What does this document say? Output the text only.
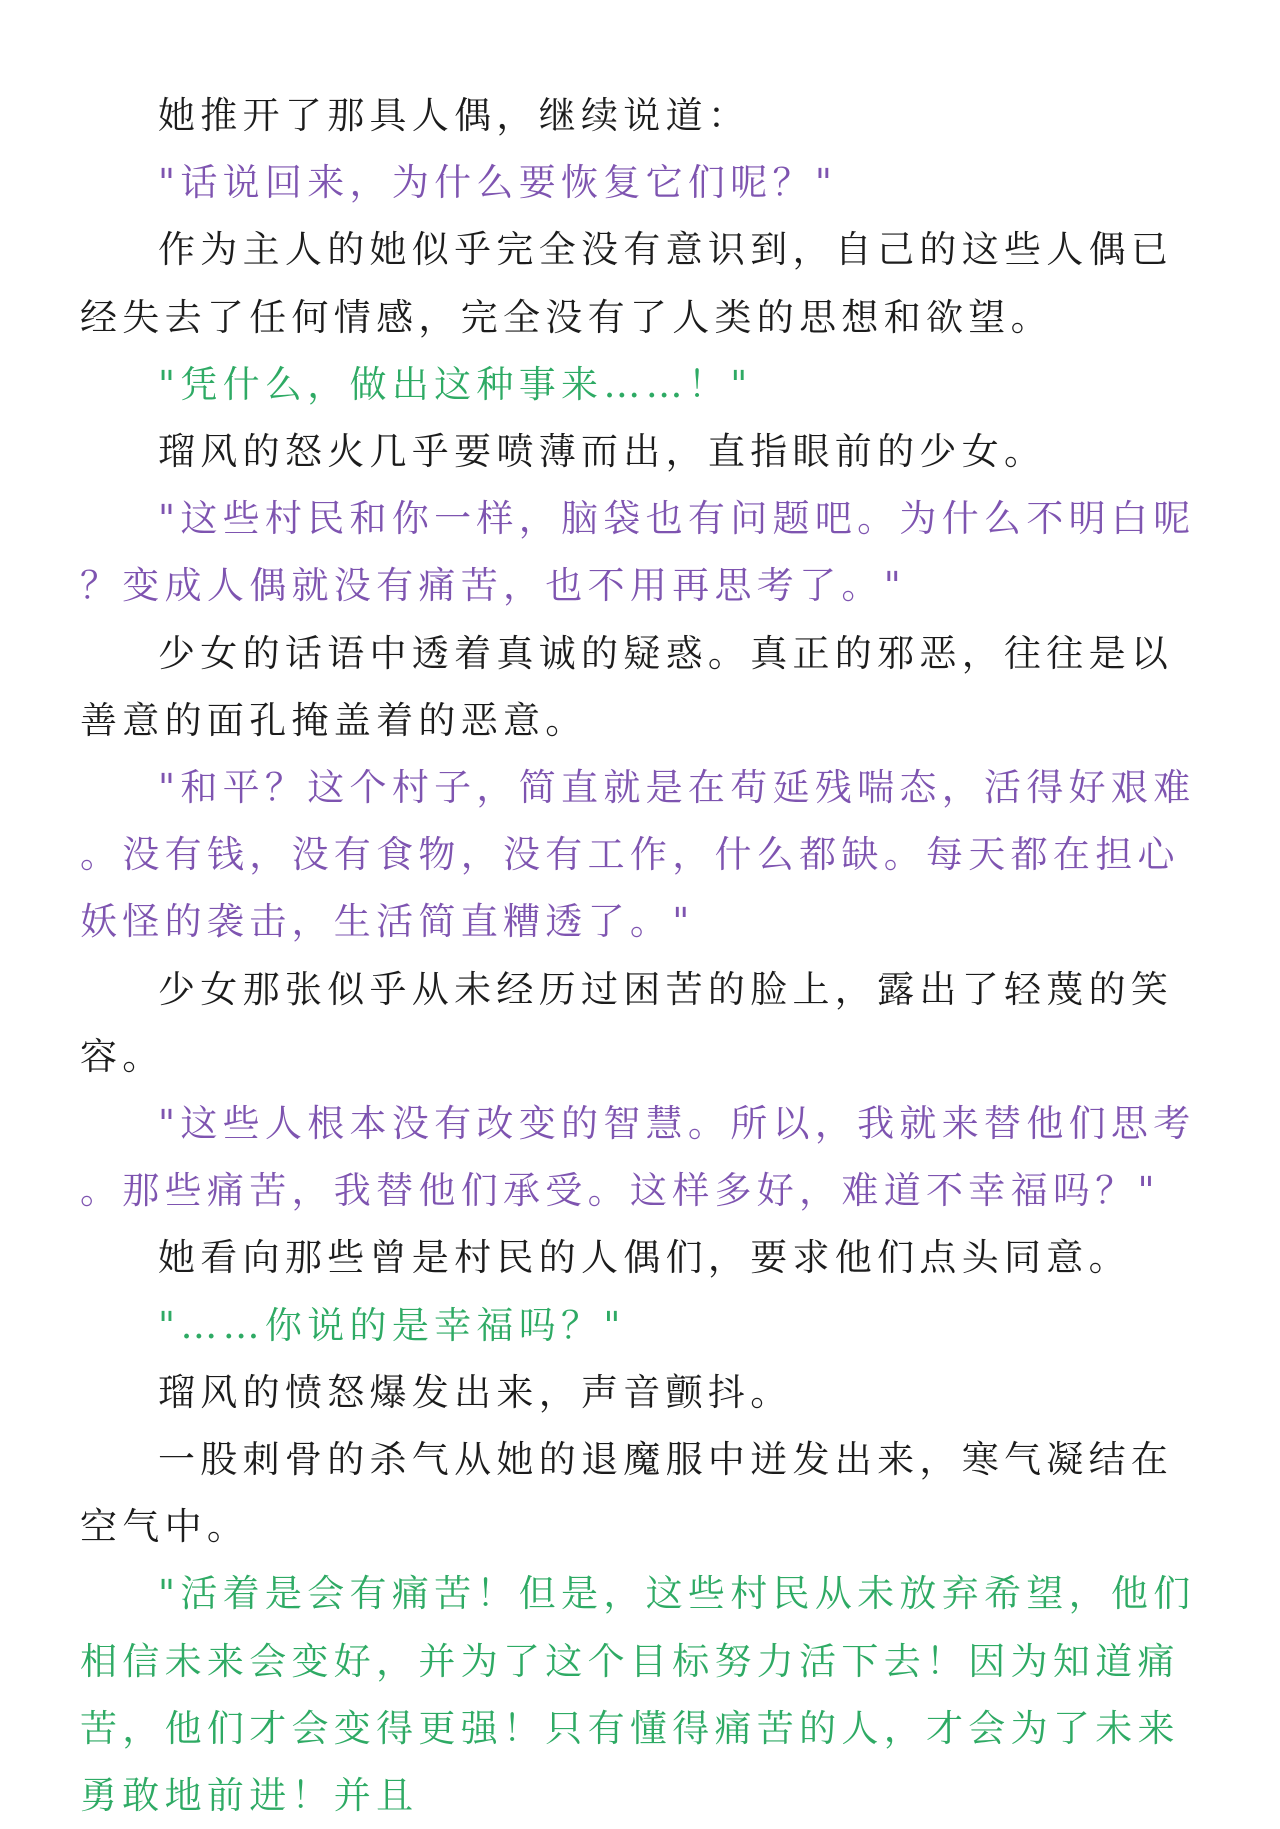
她推开了那具人偶，继续说道：

"话说回来，为什么要恢复它们呢？"

作为主人的她似乎完全没有意识到，自己的这些人偶已经失去了任何情感，完全没有了人类的思想和欲望。

"凭什么，做出这种事来……！"

瑠风的怒火几乎要喷薄而出，直指眼前的少女。

"这些村民和你一样，脑袋也有问题吧。为什么不明白呢？变成人偶就没有痛苦，也不用再思考了。"

少女的话语中透着真诚的疑惑。真正的邪恶，往往是以善意的面孔掩盖着的恶意。

"和平？这个村子，简直就是在苟延残喘态，活得好艰难。没有钱，没有食物，没有工作，什么都缺。每天都在担心妖怪的袭击，生活简直糟透了。"

少女那张似乎从未经历过困苦的脸上，露出了轻蔑的笑容。

"这些人根本没有改变的智慧。所以，我就来替他们思考。那些痛苦，我替他们承受。这样多好，难道不幸福吗？"

她看向那些曾是村民的人偶们，要求他们点头同意。

"……你说的是幸福吗？"

瑠风的愤怒爆发出来，声音颤抖。

一股刺骨的杀气从她的退魔服中迸发出来，寒气凝结在空气中。

"活着是会有痛苦！但是，这些村民从未放弃希望，他们相信未来会变好，并为了这个目标努力活下去！因为知道痛苦，他们才会变得更强！只有懂得痛苦的人，才会为了未来勇敢地前进！并且
